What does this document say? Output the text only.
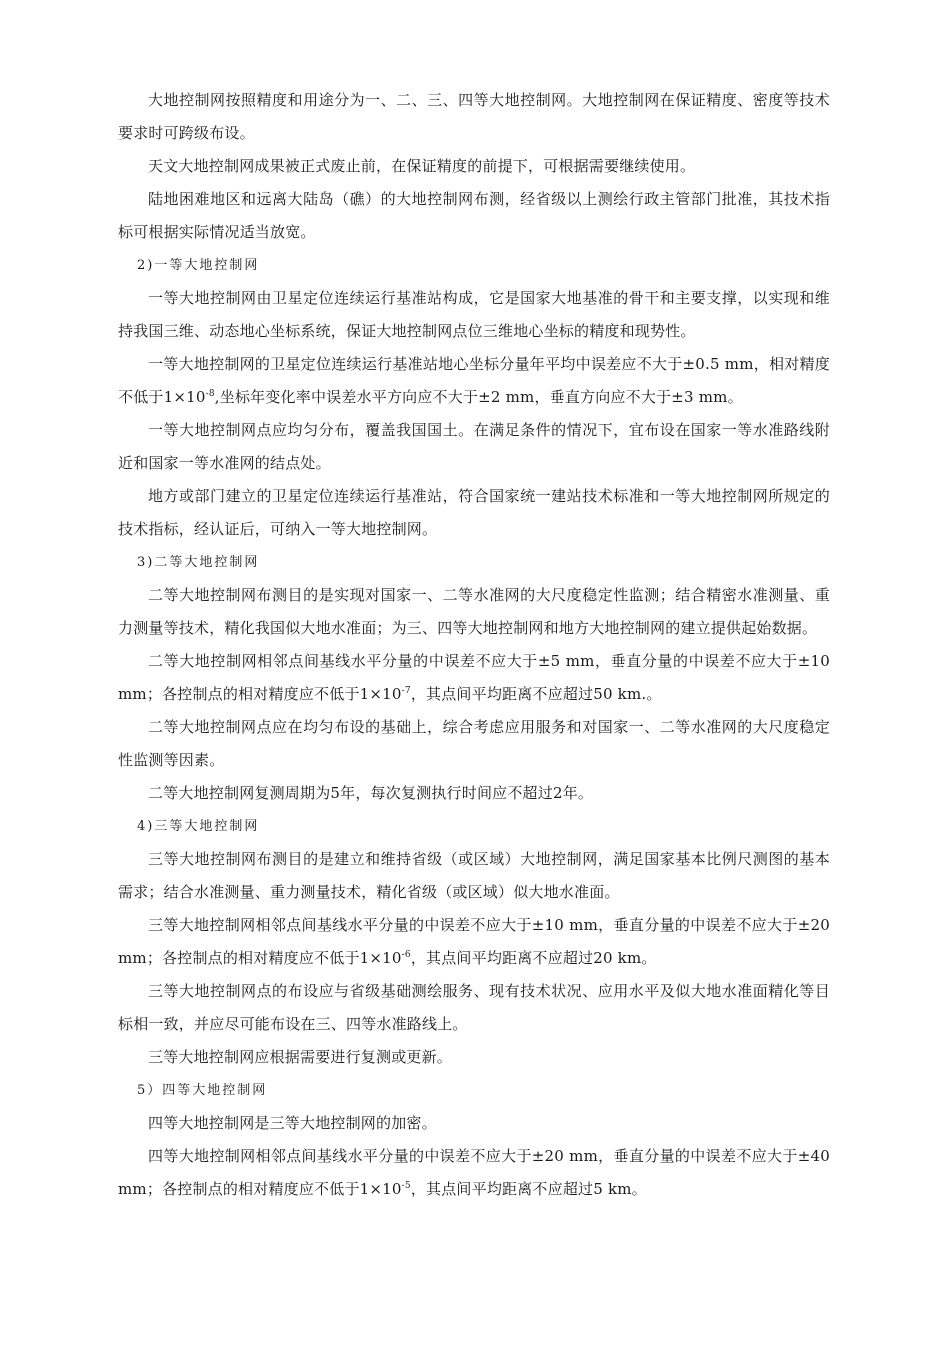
大地控制网按照精度和用途分为一、二、三、四等大地控制网。大地控制网在保证精度、密度等技术要求时可跨级布设。

天文大地控制网成果被正式废止前，在保证精度的前提下，可根据需要继续使用。

陆地困难地区和远离大陆岛（礁）的大地控制网布测，经省级以上测绘行政主管部门批准，其技术指标可根据实际情况适当放宽。

2)一等大地控制网

一等大地控制网由卫星定位连续运行基准站构成，它是国家大地基准的骨干和主要支撑，以实现和维持我国三维、动态地心坐标系统，保证大地控制网点位三维地心坐标的精度和现势性。

一等大地控制网的卫星定位连续运行基准站地心坐标分量年平均中误差应不大于±0.5 mm，相对精度不低于$1\times 10^{-8}$,坐标年变化率中误差水平方向应不大于±2 mm，垂直方向应不大于±3 mm。

一等大地控制网点应均匀分布，覆盖我国国土。在满足条件的情况下，宜布设在国家一等水准路线附近和国家一等水准网的结点处。

地方或部门建立的卫星定位连续运行基准站，符合国家统一建站技术标准和一等大地控制网所规定的技术指标，经认证后，可纳入一等大地控制网。

3)二等大地控制网

二等大地控制网布测目的是实现对国家一、二等水准网的大尺度稳定性监测；结合精密水准测量、重力测量等技术，精化我国似大地水准面；为三、四等大地控制网和地方大地控制网的建立提供起始数据。

二等大地控制网相邻点间基线水平分量的中误差不应大于±5 mm，垂直分量的中误差不应大于±10 mm；各控制点的相对精度应不低于$1\times 10^{-7}$，其点间平均距离不应超过50 km.。

二等大地控制网点应在均匀布设的基础上，综合考虑应用服务和对国家一、二等水准网的大尺度稳定性监测等因素。

二等大地控制网复测周期为5年，每次复测执行时间应不超过2年。

4)三等大地控制网

三等大地控制网布测目的是建立和维持省级（或区域）大地控制网，满足国家基本比例尺测图的基本需求；结合水准测量、重力测量技术，精化省级（或区域）似大地水准面。

三等大地控制网相邻点间基线水平分量的中误差不应大于±10 mm，垂直分量的中误差不应大于±20 mm；各控制点的相对精度应不低于$1\times 10^{-6}$，其点间平均距离不应超过20 km。

三等大地控制网点的布设应与省级基础测绘服务、现有技术状况、应用水平及似大地水准面精化等目标相一致，并应尽可能布设在三、四等水准路线上。

三等大地控制网应根据需要进行复测或更新。

5）四等大地控制网

四等大地控制网是三等大地控制网的加密。

四等大地控制网相邻点间基线水平分量的中误差不应大于±20 mm，垂直分量的中误差不应大于±40 mm；各控制点的相对精度应不低于$1\times 10^{-5}$，其点间平均距离不应超过5 km。
